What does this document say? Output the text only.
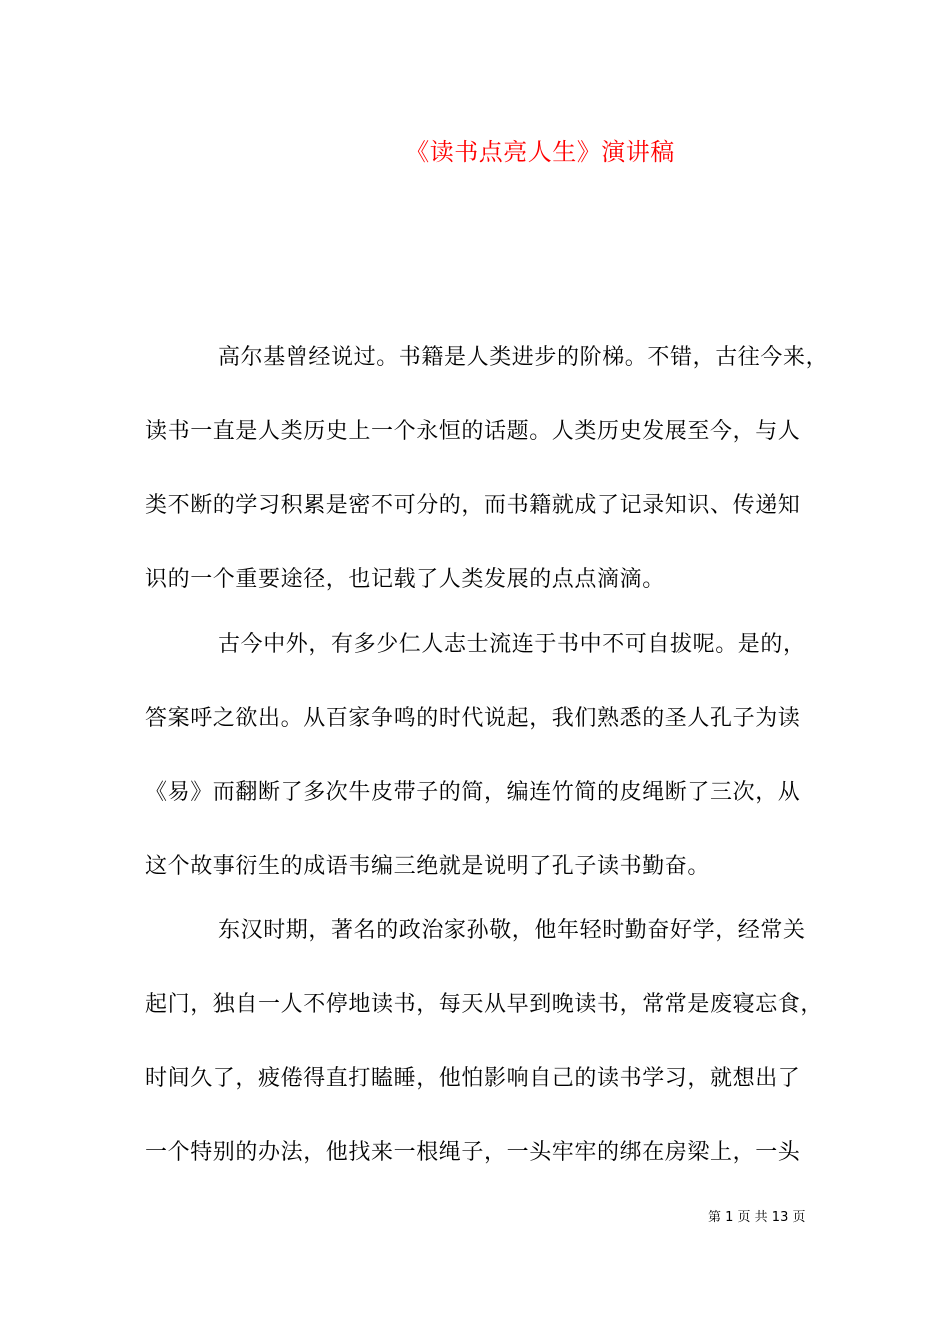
《读书点亮人生》演讲稿
高尔基曾经说过。书籍是人类进步的阶梯。不错，古往今来，
读书一直是人类历史上一个永恒的话题。人类历史发展至今，与人
类不断的学习积累是密不可分的，而书籍就成了记录知识、传递知
识的一个重要途径，也记载了人类发展的点点滴滴。
古今中外，有多少仁人志士流连于书中不可自拔呢。是的，
答案呼之欲出。从百家争鸣的时代说起，我们熟悉的圣人孔子为读
《易》而翻断了多次牛皮带子的简，编连竹简的皮绳断了三次，从
这个故事衍生的成语韦编三绝就是说明了孔子读书勤奋。
东汉时期，著名的政治家孙敬，他年轻时勤奋好学，经常关
起门，独自一人不停地读书，每天从早到晚读书，常常是废寝忘食，
时间久了，疲倦得直打瞌睡，他怕影响自己的读书学习，就想出了
一个特别的办法，他找来一根绳子，一头牢牢的绑在房梁上，一头
第 1 页 共 13 页
